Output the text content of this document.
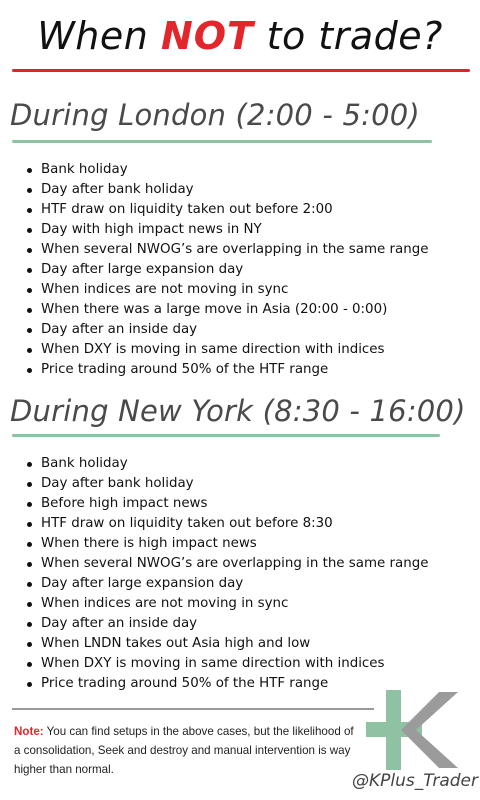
When NOT to trade?
During London (2:00 - 5:00)
Bank holiday
Day after bank holiday
HTF draw on liquidity taken out before 2:00
Day with high impact news in NY
When several NWOG’s are overlapping in the same range
Day after large expansion day
When indices are not moving in sync
When there was a large move in Asia (20:00 - 0:00)
Day after an inside day
When DXY is moving in same direction with indices
Price trading around 50% of the HTF range
During New York (8:30 - 16:00)
Bank holiday
Day after bank holiday
Before high impact news
HTF draw on liquidity taken out before 8:30
When there is high impact news
When several NWOG’s are overlapping in the same range
Day after large expansion day
When indices are not moving in sync
Day after an inside day
When LNDN takes out Asia high and low
When DXY is moving in same direction with indices
Price trading around 50% of the HTF range
Note: You can find setups in the above cases, but the likelihood of a consolidation, Seek and destroy and manual intervention is way higher than normal.
@KPlus_Trader
